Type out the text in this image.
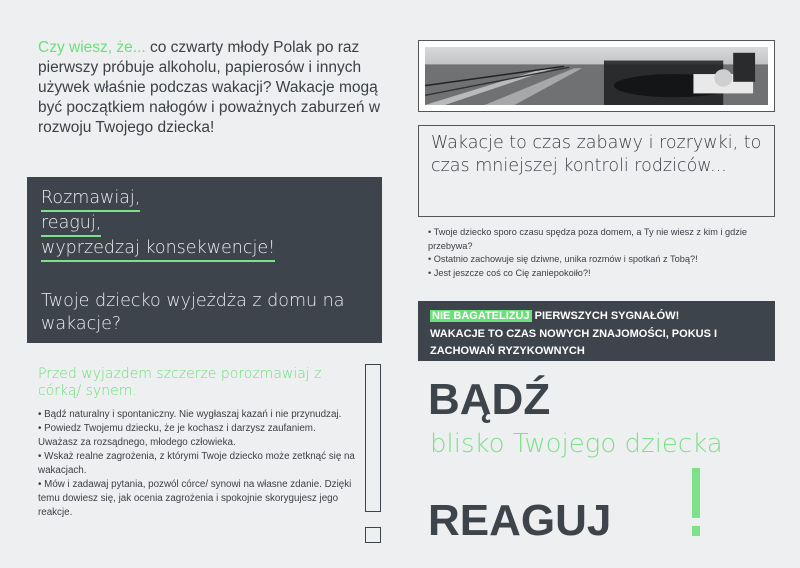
Czy wiesz, że... co czwarty młody Polak po raz pierwszy próbuje alkoholu, papierosów i innych używek właśnie podczas wakacji? Wakacje mogą być początkiem nałogów i poważnych zaburzeń w rozwoju Twojego dziecka!
Rozmawiaj,
reaguj,
wyprzedzaj konsekwencje!
Twoje dziecko wyjeżdża z domu na wakacje?
Przed wyjazdem szczerze porozmawiaj z córką/ synem.
• Bądź naturalny i spontaniczny. Nie wygłaszaj kazań i nie przynudzaj.
• Powiedz Twojemu dziecku, że je kochasz i darzysz zaufaniem. Uważasz za rozsądnego, młodego człowieka.
• Wskaż realne zagrożenia, z którymi Twoje dziecko może zetknąć się na wakacjach.
• Mów i zadawaj pytania, pozwól córce/ synowi na własne zdanie. Dzięki temu dowiesz się, jak ocenia zagrożenia i spokojnie skorygujesz jego reakcje.
Wakacje to czas zabawy i rozrywki, to czas mniejszej kontroli rodziców...
• Twoje dziecko sporo czasu spędza poza domem, a Ty nie wiesz z kim i gdzie przebywa?
• Ostatnio zachowuje się dziwne, unika rozmów i spotkań z Tobą?!
• Jest jeszcze coś co Cię zaniepokoiło?!
NIE BAGATELIZUJ PIERWSZYCH SYGNAŁÓW!
WAKACJE TO CZAS NOWYCH ZNAJOMOŚCI, POKUS I ZACHOWAŃ RYZYKOWNYCH
BĄDŹ
blisko Twojego dziecka
REAGUJ
